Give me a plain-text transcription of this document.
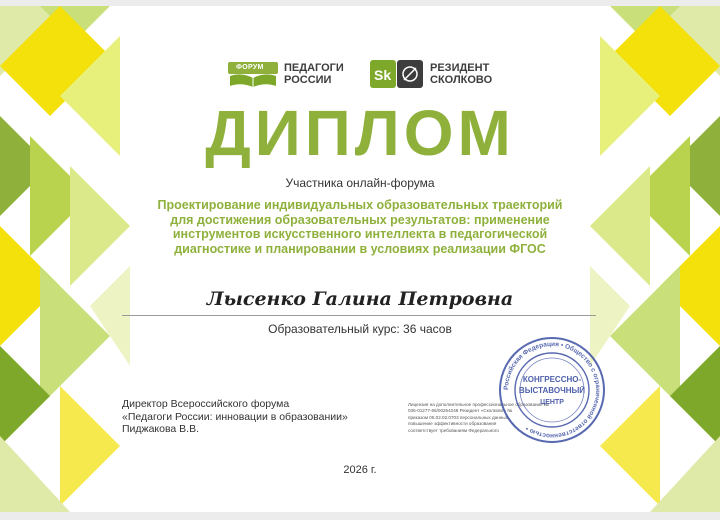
ФОРУМ ПЕДАГОГИ
РОССИИ	Sk	РЕЗИДЕНТ
СКОЛКОВО
ДИПЛОМ
Участника онлайн-форума
Проектирование индивидуальных образовательных траекторий
для достижения образовательных результатов: применение
инструментов искусственного интеллекта в педагогической
диагностике и планировании в условиях реализации ФГОС
Лысенко Галина Петровна
Образовательный курс: 36 часов
Директор Всероссийского форума
«Педагоги России: инновации в образовании»
Пиджакова В.В.
Лицензия на дополнительное профессиональное образование №
035-01277-66/00254248 Резидент «Сколково» №
приказом 05.02.02.0703 персональных данных
повышение эффективности образования
соответствует требованиям Федерального
Российская Федерация • Общество с ограниченной ответственностью •
КОНГРЕССНО-
ВЫСТАВОЧНЫЙ
ЦЕНТР
2026 г.
